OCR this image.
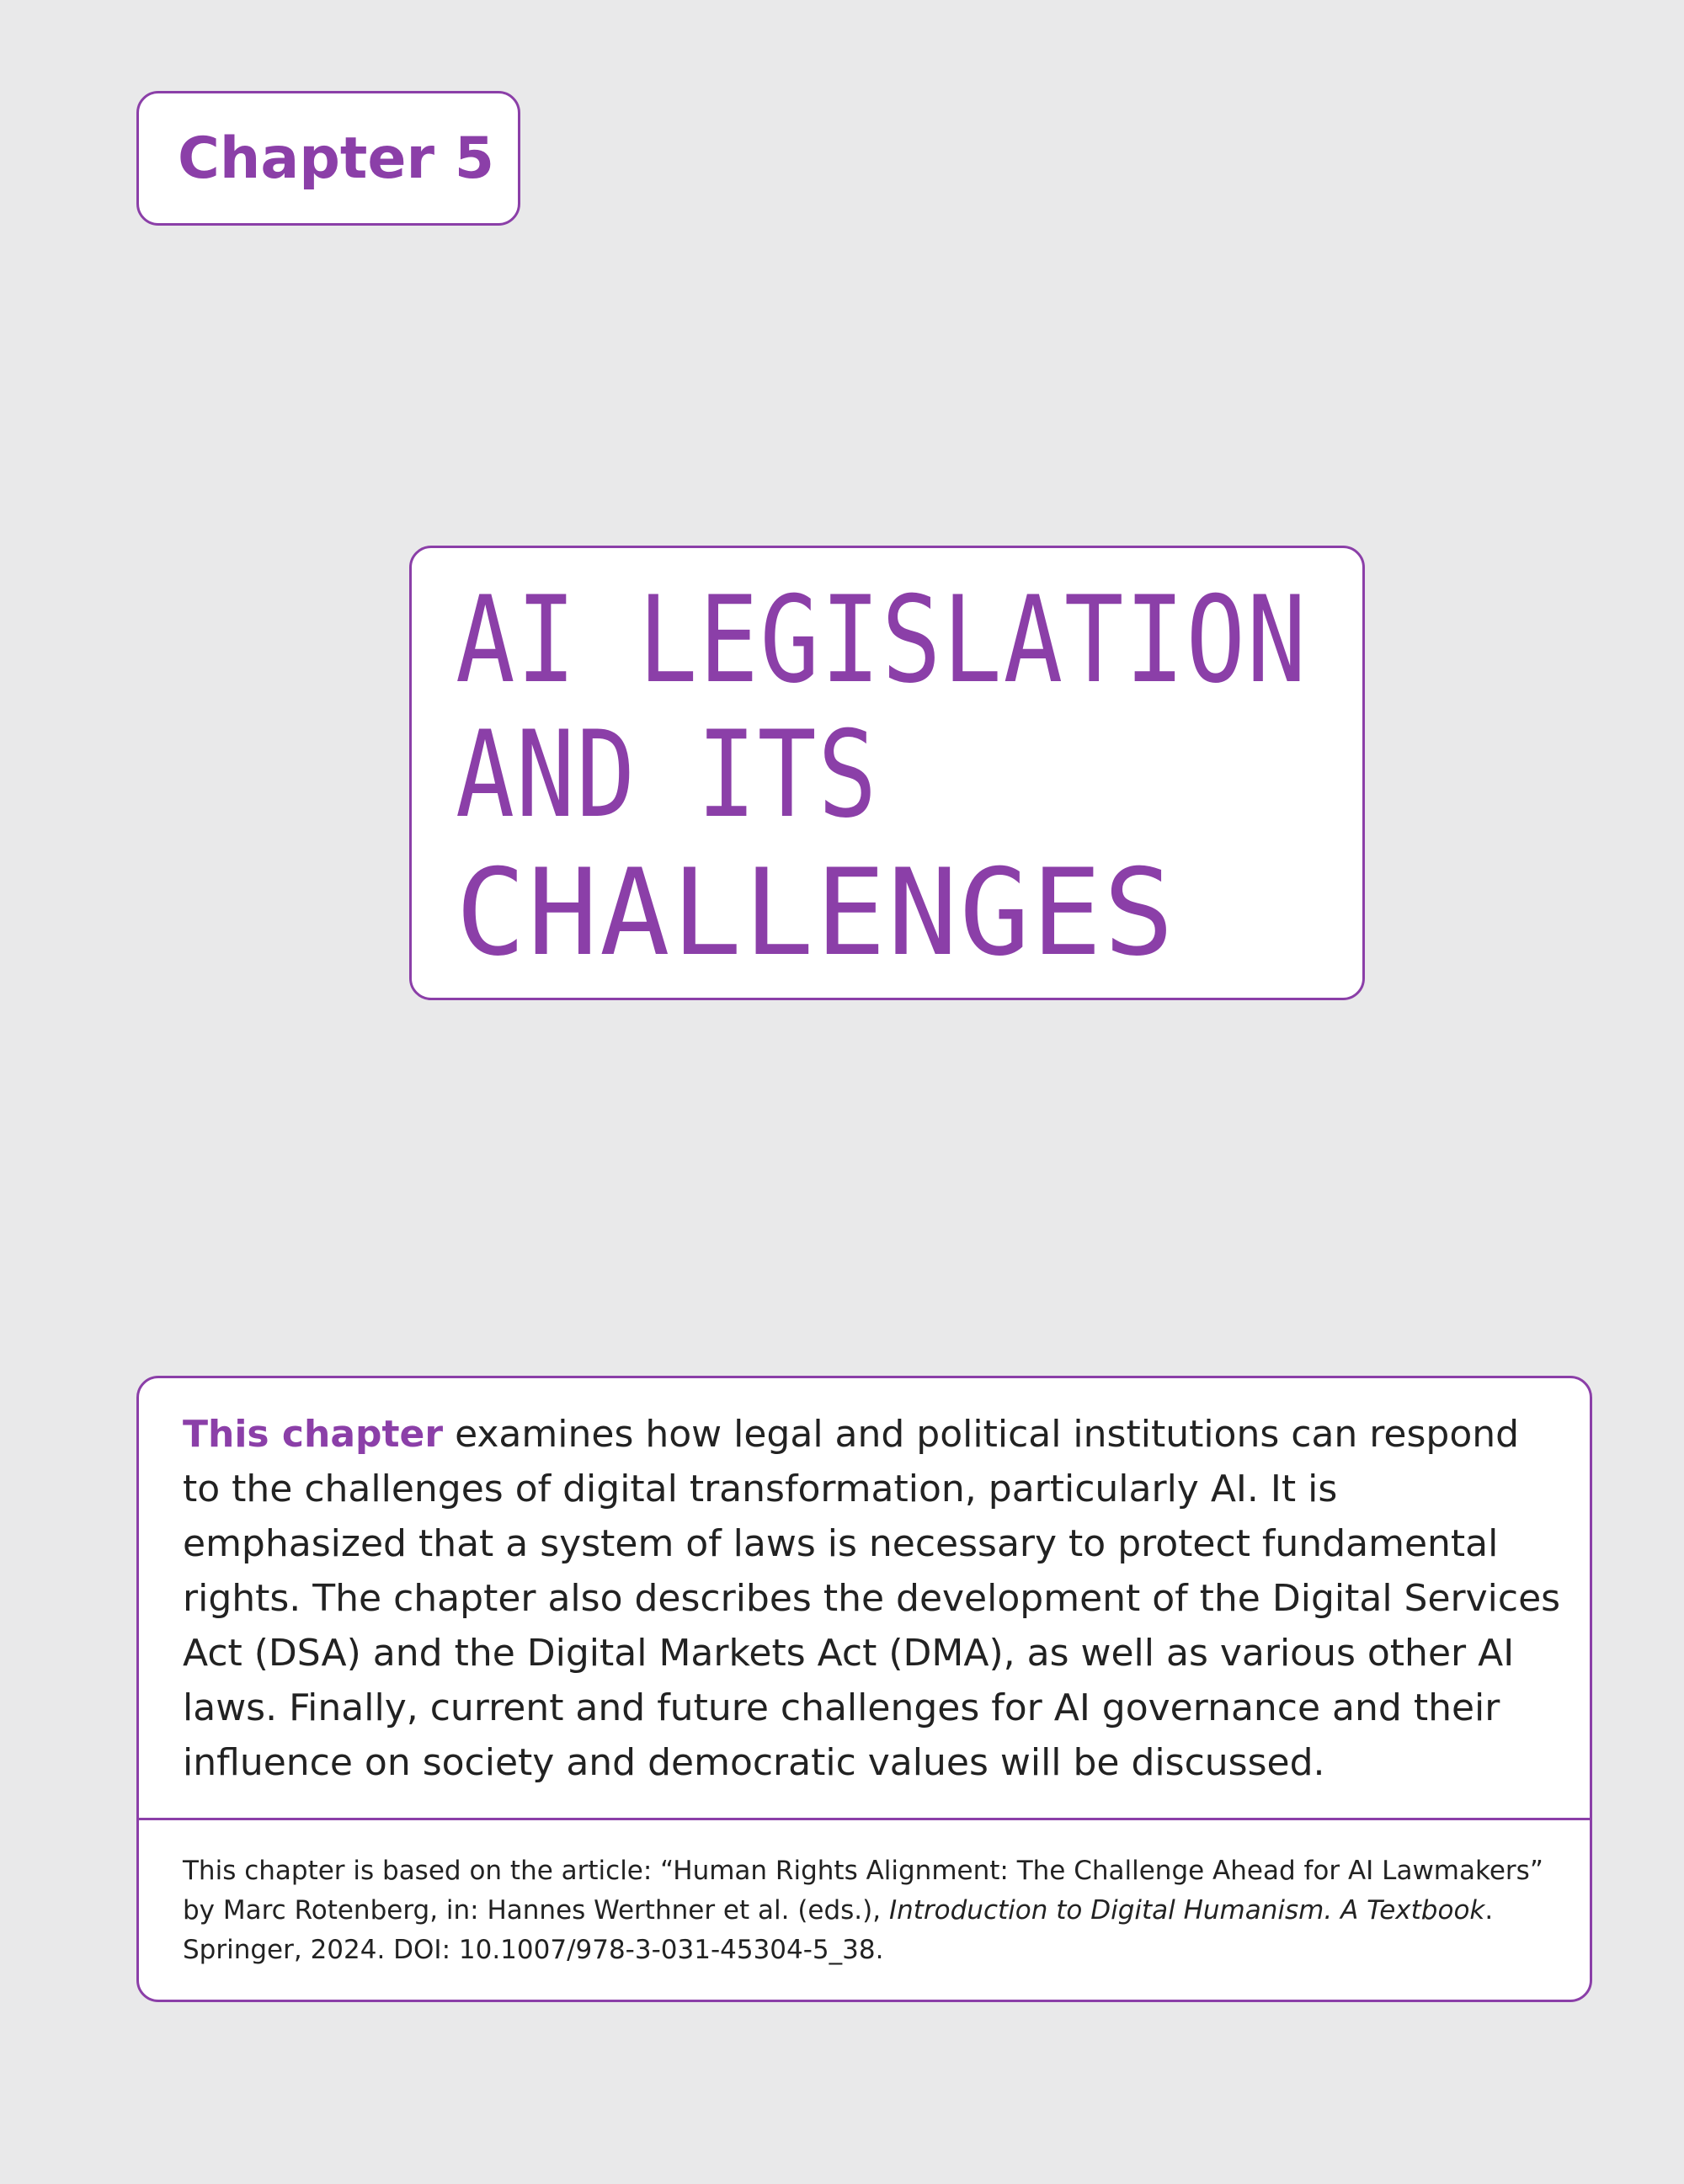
Chapter 5
AI LEGISLATION
AND ITS
CHALLENGES
This chapter examines how legal and political institutions can respond to the challenges of digital transformation, particularly AI. It is emphasized that a system of laws is necessary to protect fundamental rights. The chapter also describes the development of the Digital Services Act (DSA) and the Digital Markets Act (DMA), as well as various other AI laws. Finally, current and future challenges for AI governance and their influence on society and democratic values will be discussed.
This chapter is based on the article: “Human Rights Alignment: The Challenge Ahead for AI Lawmakers” by Marc Rotenberg, in: Hannes Werthner et al. (eds.), Introduction to Digital Humanism. A Textbook. Springer, 2024. DOI: 10.1007/978-3-031-45304-5_38.
